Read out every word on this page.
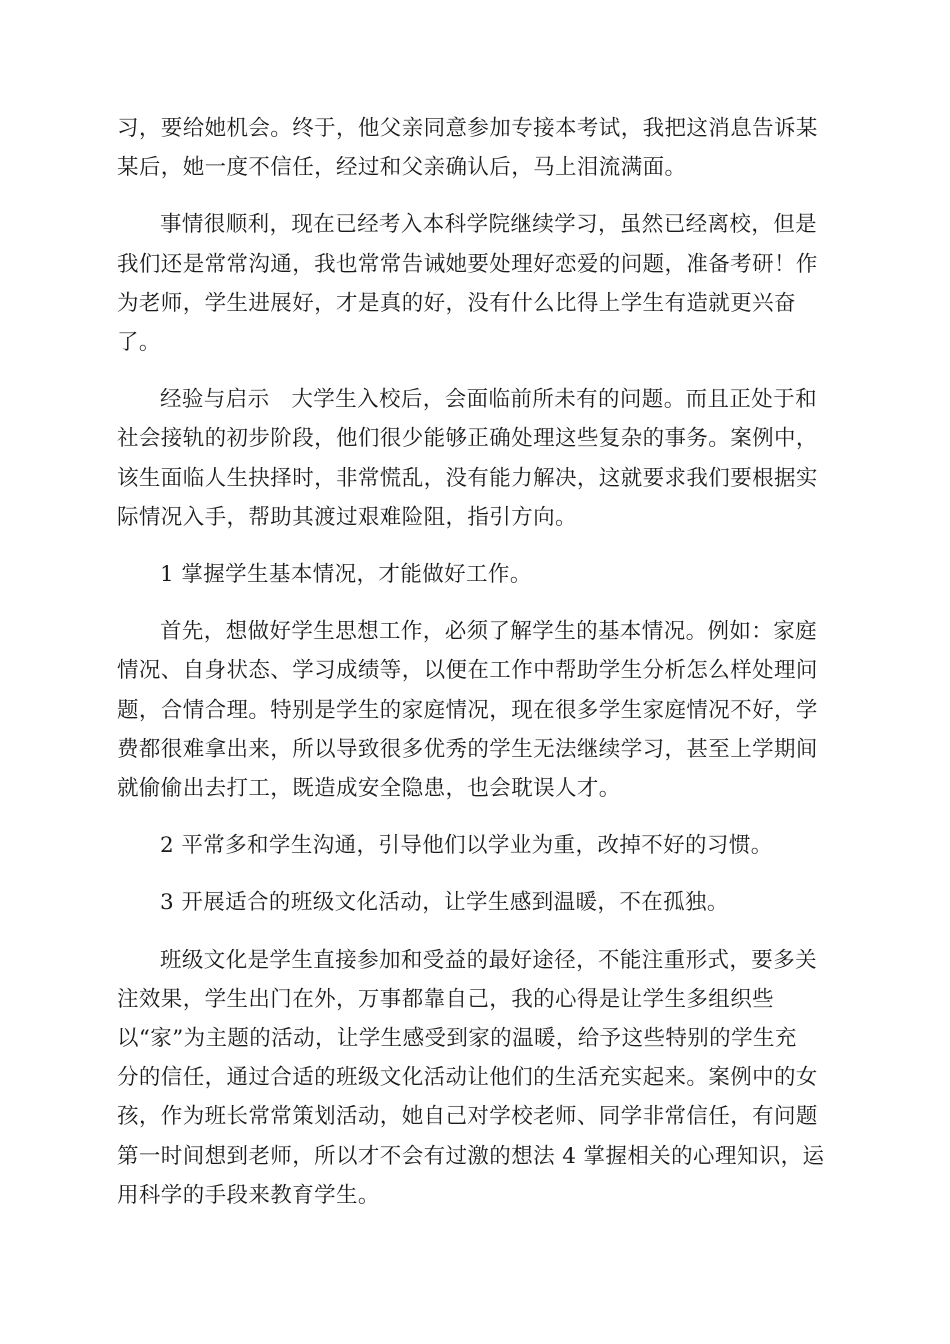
习，要给她机会。终于，他父亲同意参加专接本考试，我把这消息告诉某
某后，她一度不信任，经过和父亲确认后，马上泪流满面。

事情很顺利，现在已经考入本科学院继续学习，虽然已经离校，但是
我们还是常常沟通，我也常常告诫她要处理好恋爱的问题，准备考研！作
为老师，学生进展好，才是真的好，没有什么比得上学生有造就更兴奋
了。

经验与启示　大学生入校后，会面临前所未有的问题。而且正处于和
社会接轨的初步阶段，他们很少能够正确处理这些复杂的事务。案例中，
该生面临人生抉择时，非常慌乱，没有能力解决，这就要求我们要根据实
际情况入手，帮助其渡过艰难险阻，指引方向。

1 掌握学生基本情况，才能做好工作。

首先，想做好学生思想工作，必须了解学生的基本情况。例如：家庭
情况、自身状态、学习成绩等，以便在工作中帮助学生分析怎么样处理问
题，合情合理。特别是学生的家庭情况，现在很多学生家庭情况不好，学
费都很难拿出来，所以导致很多优秀的学生无法继续学习，甚至上学期间
就偷偷出去打工，既造成安全隐患，也会耽误人才。

2 平常多和学生沟通，引导他们以学业为重，改掉不好的习惯。

3 开展适合的班级文化活动，让学生感到温暖，不在孤独。

班级文化是学生直接参加和受益的最好途径，不能注重形式，要多关
注效果，学生出门在外，万事都靠自己，我的心得是让学生多组织些
以“家”为主题的活动，让学生感受到家的温暖，给予这些特别的学生充
分的信任，通过合适的班级文化活动让他们的生活充实起来。案例中的女
孩，作为班长常常策划活动，她自己对学校老师、同学非常信任，有问题
第一时间想到老师，所以才不会有过激的想法 4 掌握相关的心理知识，运
用科学的手段来教育学生。
